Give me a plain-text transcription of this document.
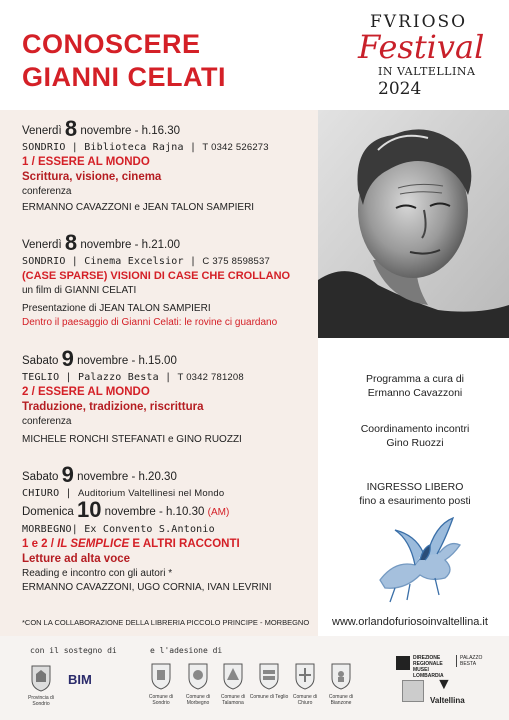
CONOSCERE
GIANNI CELATI
FVRIOSO
Festival
IN VALTELLINA
2024
Venerdì 8 novembre - h.16.30
SONDRIO | Biblioteca Rajna | T 0342 526273
1 / ESSERE AL MONDO
Scrittura, visione, cinema
conferenza
ERMANNO CAVAZZONI e JEAN TALON SAMPIERI
Venerdì 8 novembre - h.21.00
SONDRIO | Cinema Excelsior | C 375 8598537
(CASE SPARSE) VISIONI DI CASE CHE CROLLANO
un film di GIANNI CELATI
Presentazione di JEAN TALON SAMPIERI
Dentro il paesaggio di Gianni Celati: le rovine ci guardano
Sabato 9 novembre - h.15.00
TEGLIO | Palazzo Besta | T 0342 781208
2 / ESSERE AL MONDO
Traduzione, tradizione, riscrittura
conferenza
MICHELE RONCHI STEFANATI e GINO RUOZZI
Sabato 9 novembre - h.20.30
CHIURO | Auditorium Valtellinesi nel Mondo
Domenica 10 novembre - h.10.30 (AM)
MORBEGNO| Ex Convento S.Antonio
1 e 2 / IL SEMPLICE E ALTRI RACCONTI
Letture ad alta voce
Reading e incontro con gli autori *
ERMANNO CAVAZZONI, UGO CORNIA, IVAN LEVRINI
Programma a cura di
Ermanno Cavazzoni
Coordinamento incontri
Gino Ruozzi
INGRESSO LIBERO
fino a esaurimento posti
*CON LA COLLABORAZIONE DELLA LIBRERIA PICCOLO PRINCIPE - MORBEGNO	www.orlandofuriosoinvaltellina.it
con il sostegno di	e l'adesione di
Provincia di Sondrio
BIM
Comune di Sondrio
Comune di Morbegno
Comune di Talamona
Comune di Teglio Comune di Chiuro
Comune di Bianzone
DIREZIONE REGIONALE MUSEI LOMBARDIA
PALAZZO BESTA
▼
Valtellina
